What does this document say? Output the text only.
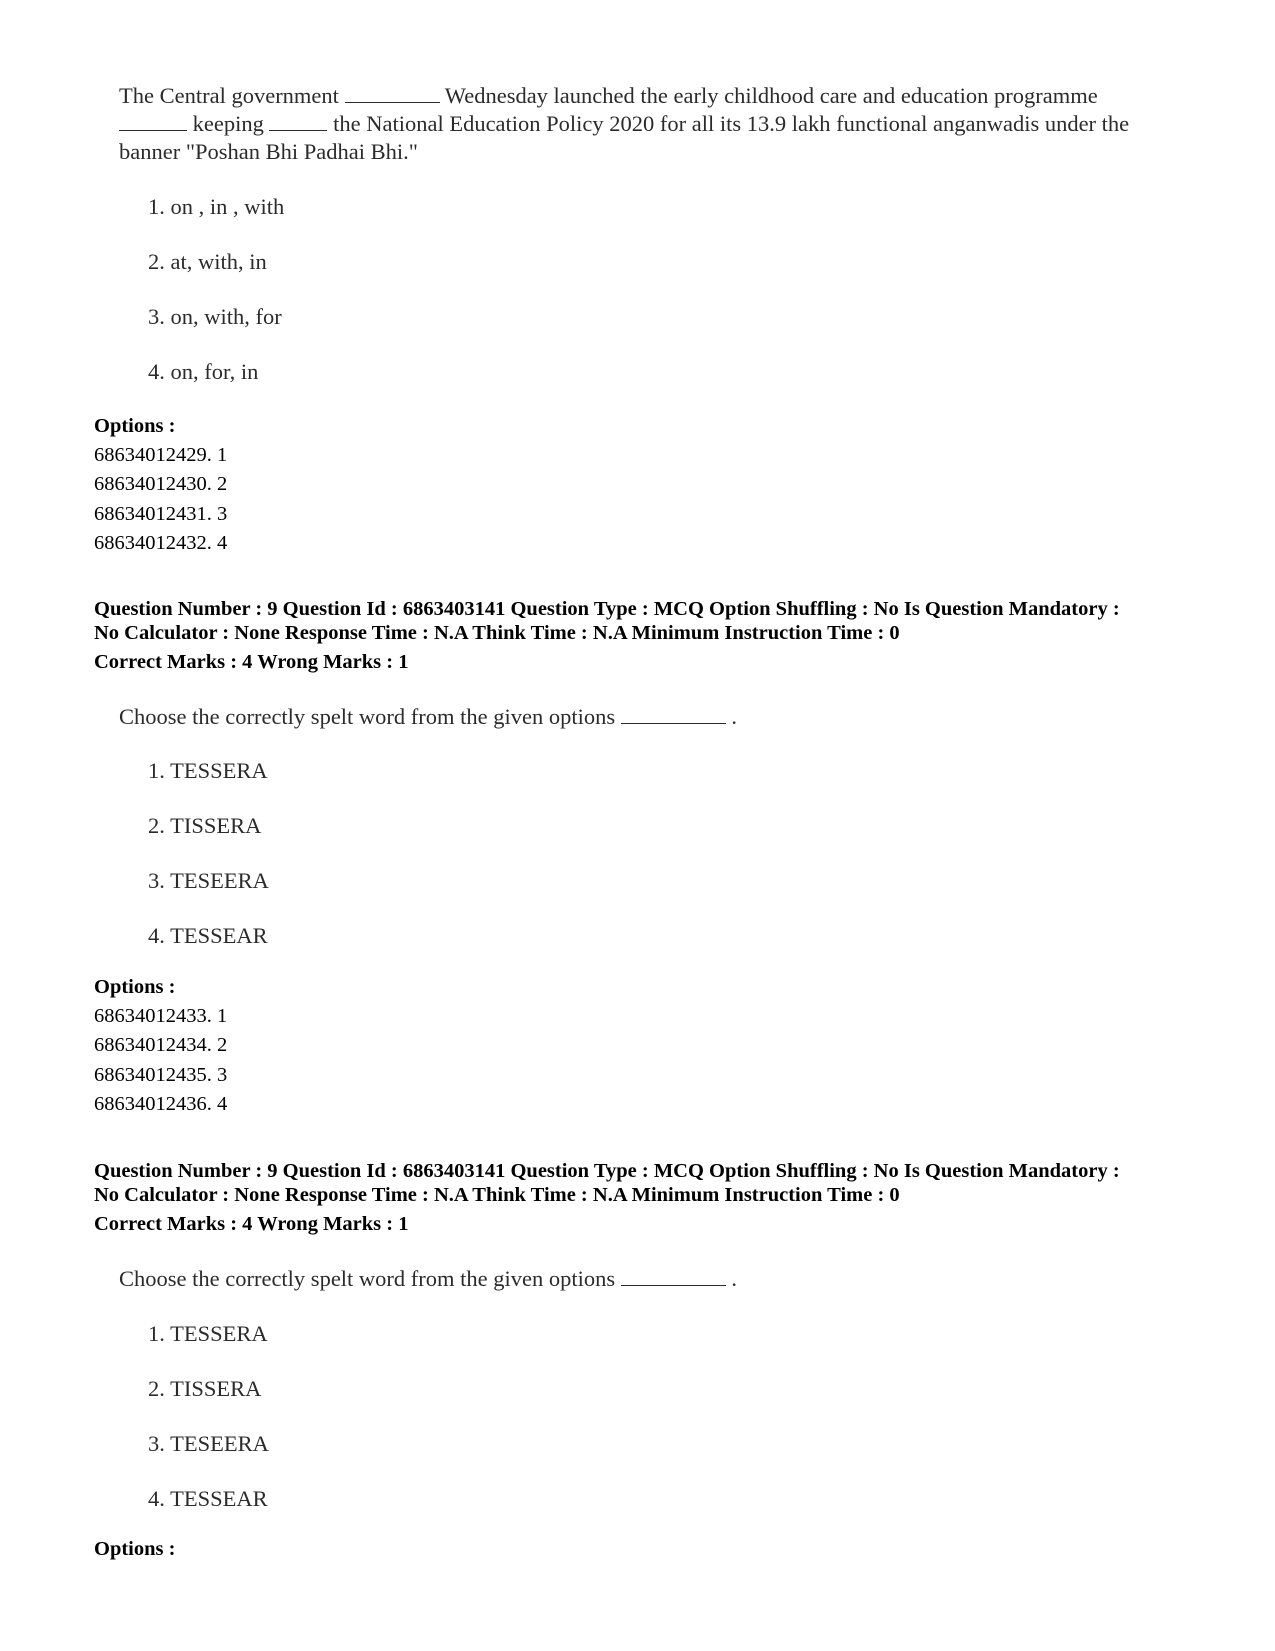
The Central government	Wednesday launched the early childhood care and education programme  keeping	the National Education Policy 2020 for all its 13.9 lakh functional anganwadis under the banner "Poshan Bhi Padhai Bhi."
1. on , in , with
2. at, with, in
3. on, with, for
4. on, for, in
Options :
68634012429. 1
68634012430. 2
68634012431. 3
68634012432. 4
Question Number : 9 Question Id : 6863403141 Question Type : MCQ Option Shuffling : No Is Question Mandatory :
No Calculator : None Response Time : N.A Think Time : N.A Minimum Instruction Time : 0
Correct Marks : 4 Wrong Marks : 1
Choose the correctly spelt word from the given options	.
1. TESSERA
2. TISSERA
3. TESEERA
4. TESSEAR
Options :
68634012433. 1
68634012434. 2
68634012435. 3
68634012436. 4
Question Number : 9 Question Id : 6863403141 Question Type : MCQ Option Shuffling : No Is Question Mandatory :
No Calculator : None Response Time : N.A Think Time : N.A Minimum Instruction Time : 0
Correct Marks : 4 Wrong Marks : 1
Choose the correctly spelt word from the given options	.
1. TESSERA
2. TISSERA
3. TESEERA
4. TESSEAR
Options :
